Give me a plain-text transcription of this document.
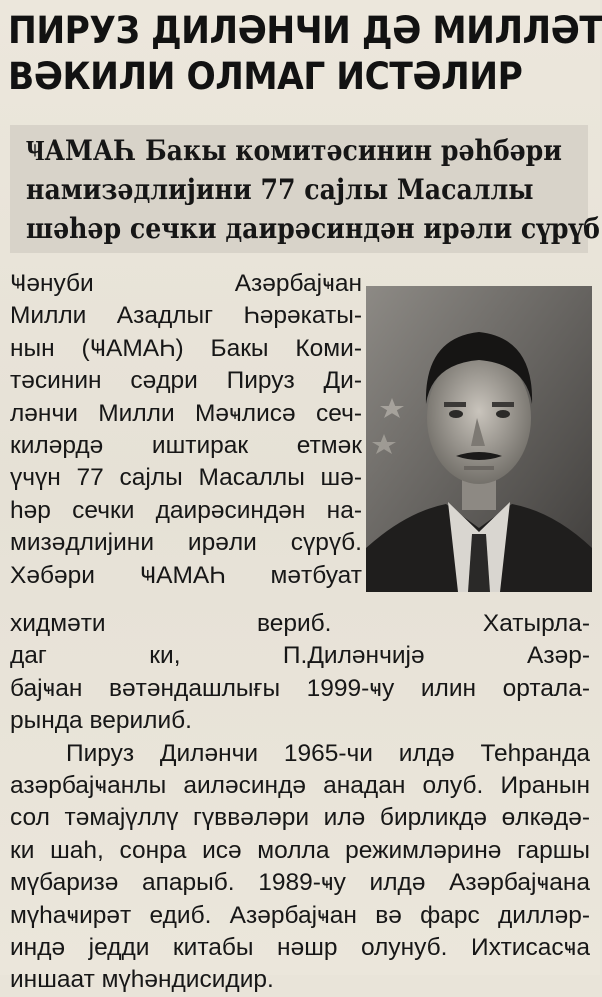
ПИРУЗ ДИЛӘНЧИ ДӘ МИЛЛӘТ
ВӘКИЛИ ОЛМАГ ИСТӘЛИР
ҸАМАҺ Бакы комитәсинин рәһбәри
намизәдлијини 77 сајлы Масаллы
шәһәр сечки даирәсиндән ирәли сүрүб
Ҹәнуби Азәрбајҹан
Милли Азадлыг Һәрәкаты-
нын (ҸАМАҺ) Бакы Коми-
тәсинин сәдри Пируз Ди-
ләнчи Милли Мәҹлисә сеч-
киләрдә иштирак етмәк
үчүн 77 сајлы Масаллы шә-
һәр сечки даирәсиндән на-
мизәдлијини ирәли сүрүб.
Хәбәри ҸАМАҺ мәтбуат
хидмәти вериб. Хатырла-
даг ки, П.Диләнчијә Азәр-
бајҹан вәтәндашлығы 1999-ҹу илин ортала-
рында верилиб.
Пируз Диләнчи 1965-чи илдә Теһранда
азәрбајҹанлы аиләсиндә анадан олуб. Иранын
сол тәмајүллү гүввәләри илә бирликдә өлкәдә-
ки шаһ, сонра исә молла режимләринә гаршы
мүбаризә апарыб. 1989-ҹу илдә Азәрбајҹана
мүһаҹирәт едиб. Азәрбајҹан вә фарс дилләр-
индә једди китабы нәшр олунуб. Ихтисасҹа
иншаат мүһәндисидир.
